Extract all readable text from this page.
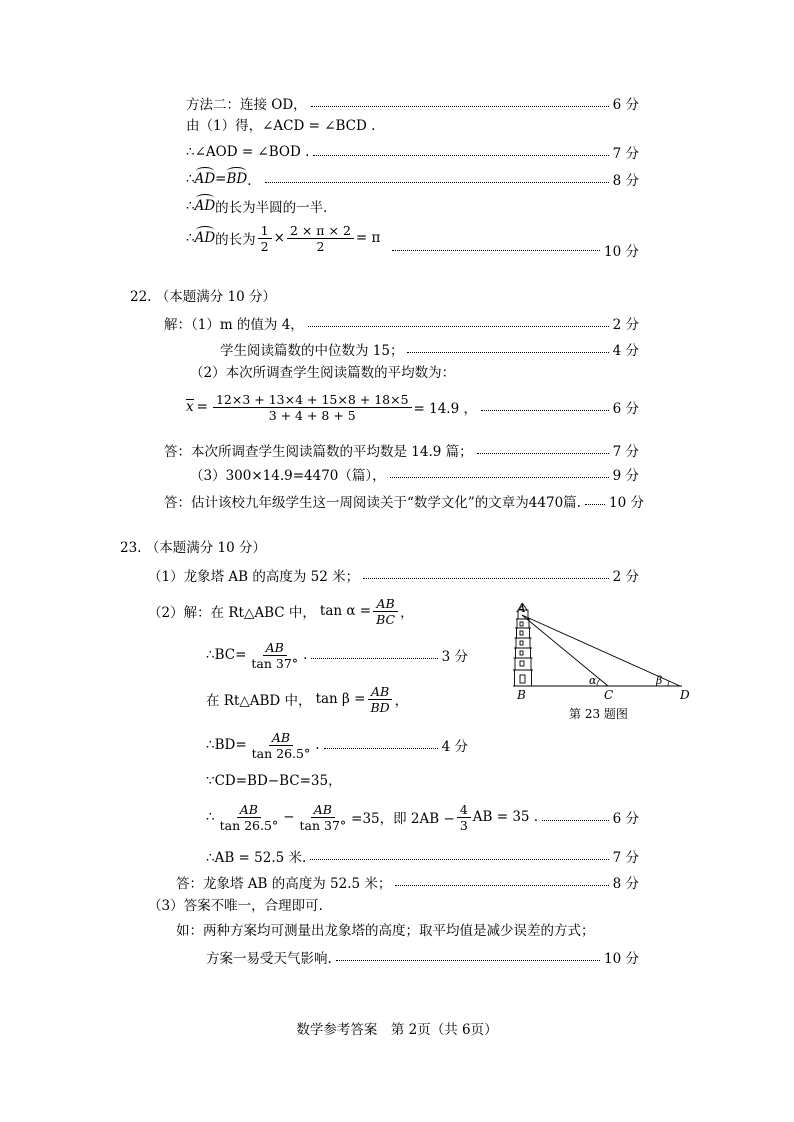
方法二：连接 OD，	6 分
由（1）得，∠ACD = ∠BCD .
∴∠AOD = ∠BOD .	7 分
∴ AD = BD ．	8 分
∴ AD 的长为半圆的一半．
∴ AD 的长为 $\frac{1}{2} \times \frac{2 \times \pi \times 2}{2} = \pi$
10 分
22. （本题满分 10 分）
解：（1）m 的值为 4，	2 分
学生阅读篇数的中位数为 15；	4 分
（2）本次所调查学生阅读篇数的平均数为：
$x = \frac{12\times 3 + 13\times 4 + 15\times 8 + 18\times 5}{3 + 4 + 8 + 5} = 14.9$ ，	6 分
答：本次所调查学生阅读篇数的平均数是 14.9 篇；	7 分
（3）300×14.9=4470（篇），	9 分
答：估计该校九年级学生这一周阅读关于“数学文化”的文章为4470篇. 10 分
23. （本题满分 10 分）
（1）龙象塔 AB 的高度为 52 米；	2 分
（2）解：在 Rt△ABC 中， $\tan \alpha = \frac{AB}{BC}$ ，
∴BC= $\frac{AB}{\tan 37^\circ}$ .	3 分
在 Rt△ABD 中， $\tan \beta = \frac{AB}{BD}$ ，
∴BD= $\frac{AB}{\tan 26.5^\circ}$ .	4 分
∵CD=BD−BC=35，
∴ $\frac{AB}{\tan 26.5^\circ} - \frac{AB}{\tan 37^\circ} =35$，即 $2AB - \frac{4}{3}$ AB = 35 .	6 分
∴AB = 52.5 米.	7 分
答：龙象塔 AB 的高度为 52.5 米；	8 分
（3）答案不唯一，合理即可.
如：两种方案均可测量出龙象塔的高度；取平均值是减少误差的方式；
方案一易受天气影响.	10 分
A
B	C	D
α	β
第 23 题图
数学参考答案　第 2页（共 6页）
